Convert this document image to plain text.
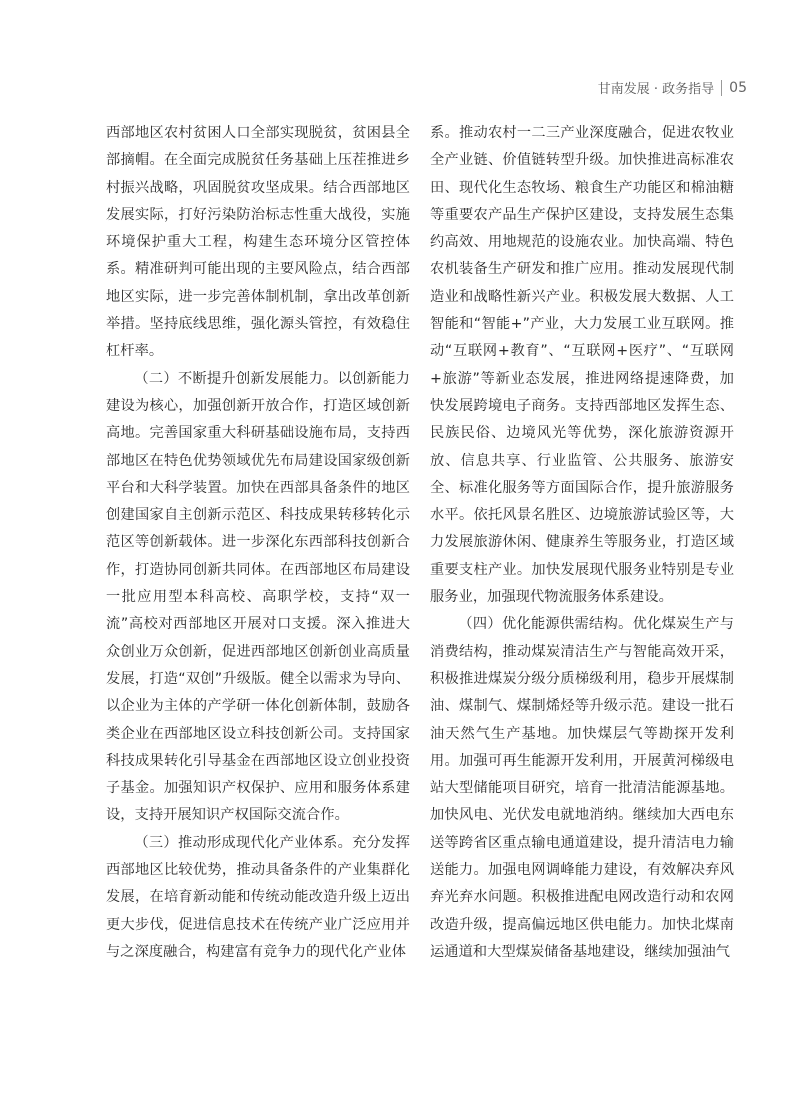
甘南发展 · 政务指导 05

西部地区农村贫困人口全部实现脱贫，贫困县全部摘帽。在全面完成脱贫任务基础上压茬推进乡村振兴战略，巩固脱贫攻坚成果。结合西部地区发展实际，打好污染防治标志性重大战役，实施环境保护重大工程，构建生态环境分区管控体系。精准研判可能出现的主要风险点，结合西部地区实际，进一步完善体制机制，拿出改革创新举措。坚持底线思维，强化源头管控，有效稳住杠杆率。

（二）不断提升创新发展能力。以创新能力建设为核心，加强创新开放合作，打造区域创新高地。完善国家重大科研基础设施布局，支持西部地区在特色优势领域优先布局建设国家级创新平台和大科学装置。加快在西部具备条件的地区创建国家自主创新示范区、科技成果转移转化示范区等创新载体。进一步深化东西部科技创新合作，打造协同创新共同体。在西部地区布局建设一批应用型本科高校、高职学校，支持“双一流”高校对西部地区开展对口支援。深入推进大众创业万众创新，促进西部地区创新创业高质量发展，打造“双创”升级版。健全以需求为导向、以企业为主体的产学研一体化创新体制，鼓励各类企业在西部地区设立科技创新公司。支持国家科技成果转化引导基金在西部地区设立创业投资子基金。加强知识产权保护、应用和服务体系建设，支持开展知识产权国际交流合作。

（三）推动形成现代化产业体系。充分发挥西部地区比较优势，推动具备条件的产业集群化发展，在培育新动能和传统动能改造升级上迈出更大步伐，促进信息技术在传统产业广泛应用并与之深度融合，构建富有竞争力的现代化产业体

系。推动农村一二三产业深度融合，促进农牧业全产业链、价值链转型升级。加快推进高标准农田、现代化生态牧场、粮食生产功能区和棉油糖等重要农产品生产保护区建设，支持发展生态集约高效、用地规范的设施农业。加快高端、特色农机装备生产研发和推广应用。推动发展现代制造业和战略性新兴产业。积极发展大数据、人工智能和“智能+”产业，大力发展工业互联网。推动“互联网+教育”、“互联网+医疗”、“互联网+旅游”等新业态发展，推进网络提速降费，加快发展跨境电子商务。支持西部地区发挥生态、民族民俗、边境风光等优势，深化旅游资源开放、信息共享、行业监管、公共服务、旅游安全、标准化服务等方面国际合作，提升旅游服务水平。依托风景名胜区、边境旅游试验区等，大力发展旅游休闲、健康养生等服务业，打造区域重要支柱产业。加快发展现代服务业特别是专业服务业，加强现代物流服务体系建设。

（四）优化能源供需结构。优化煤炭生产与消费结构，推动煤炭清洁生产与智能高效开采，积极推进煤炭分级分质梯级利用，稳步开展煤制油、煤制气、煤制烯烃等升级示范。建设一批石油天然气生产基地。加快煤层气等勘探开发利用。加强可再生能源开发利用，开展黄河梯级电站大型储能项目研究，培育一批清洁能源基地。加快风电、光伏发电就地消纳。继续加大西电东送等跨省区重点输电通道建设，提升清洁电力输送能力。加强电网调峰能力建设，有效解决弃风弃光弃水问题。积极推进配电网改造行动和农网改造升级，提高偏远地区供电能力。加快北煤南运通道和大型煤炭储备基地建设，继续加强油气
